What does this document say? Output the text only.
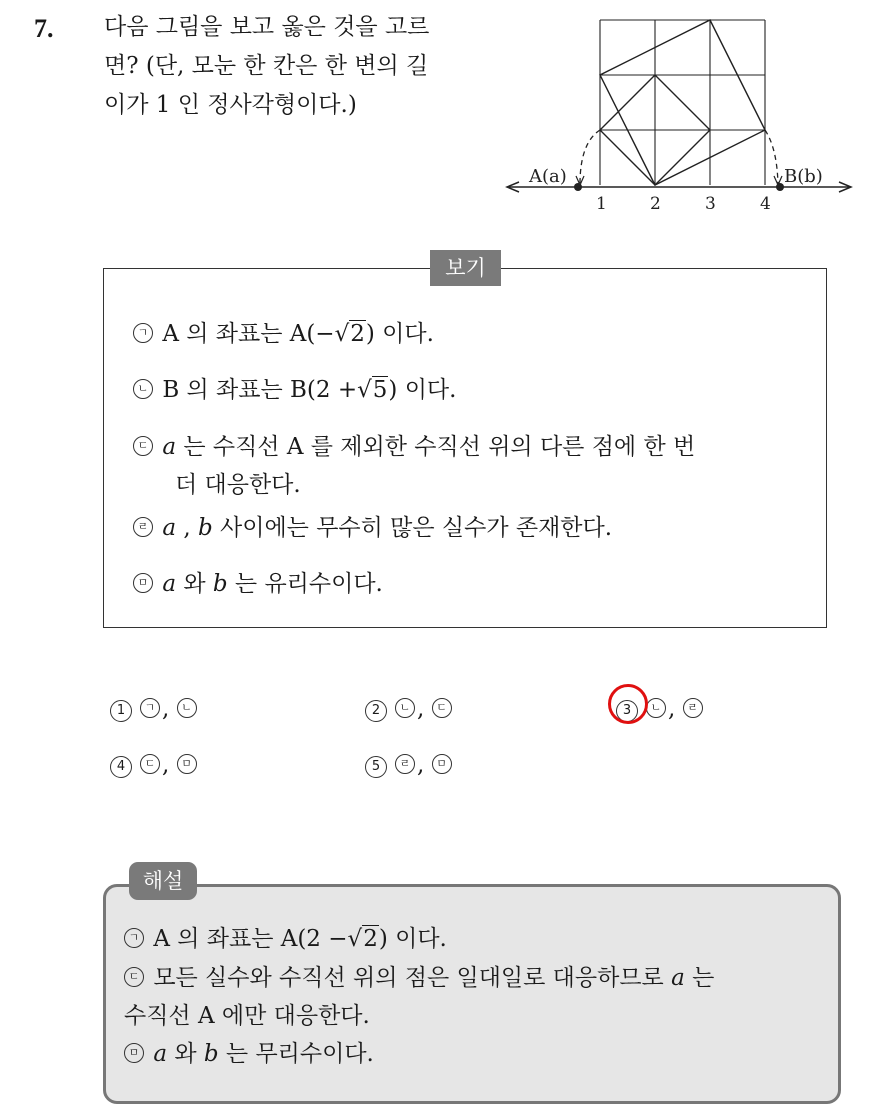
7. 다음 그림을 보고 옳은 것을 고르
면? (단, 모눈 한 칸은 한 변의 길
이가 1 인 정사각형이다.)
A(a)	B(b)
1	2	3	4
보기
ㄱ A 의 좌표는 A(−√2) 이다.
ㄴ B 의 좌표는 B(2 +√5) 이다.
ㄷ a 는 수직선 A 를 제외한 수직선 위의 다른 점에 한 번
더 대응한다.
ㄹ a , b 사이에는 무수히 많은 실수가 존재한다.
ㅁ a 와 b 는 유리수이다.
1	ㄱ , ㄴ	2	ㄴ , ㄷ	3	ㄴ , ㄹ
4	ㄷ , ㅁ	5	ㄹ , ㅁ
해설
ㄱ A 의 좌표는 A(2 −√2) 이다.
ㄷ 모든 실수와 수직선 위의 점은 일대일로 대응하므로 a 는
수직선 A 에만 대응한다.
ㅁ a 와 b 는 무리수이다.
